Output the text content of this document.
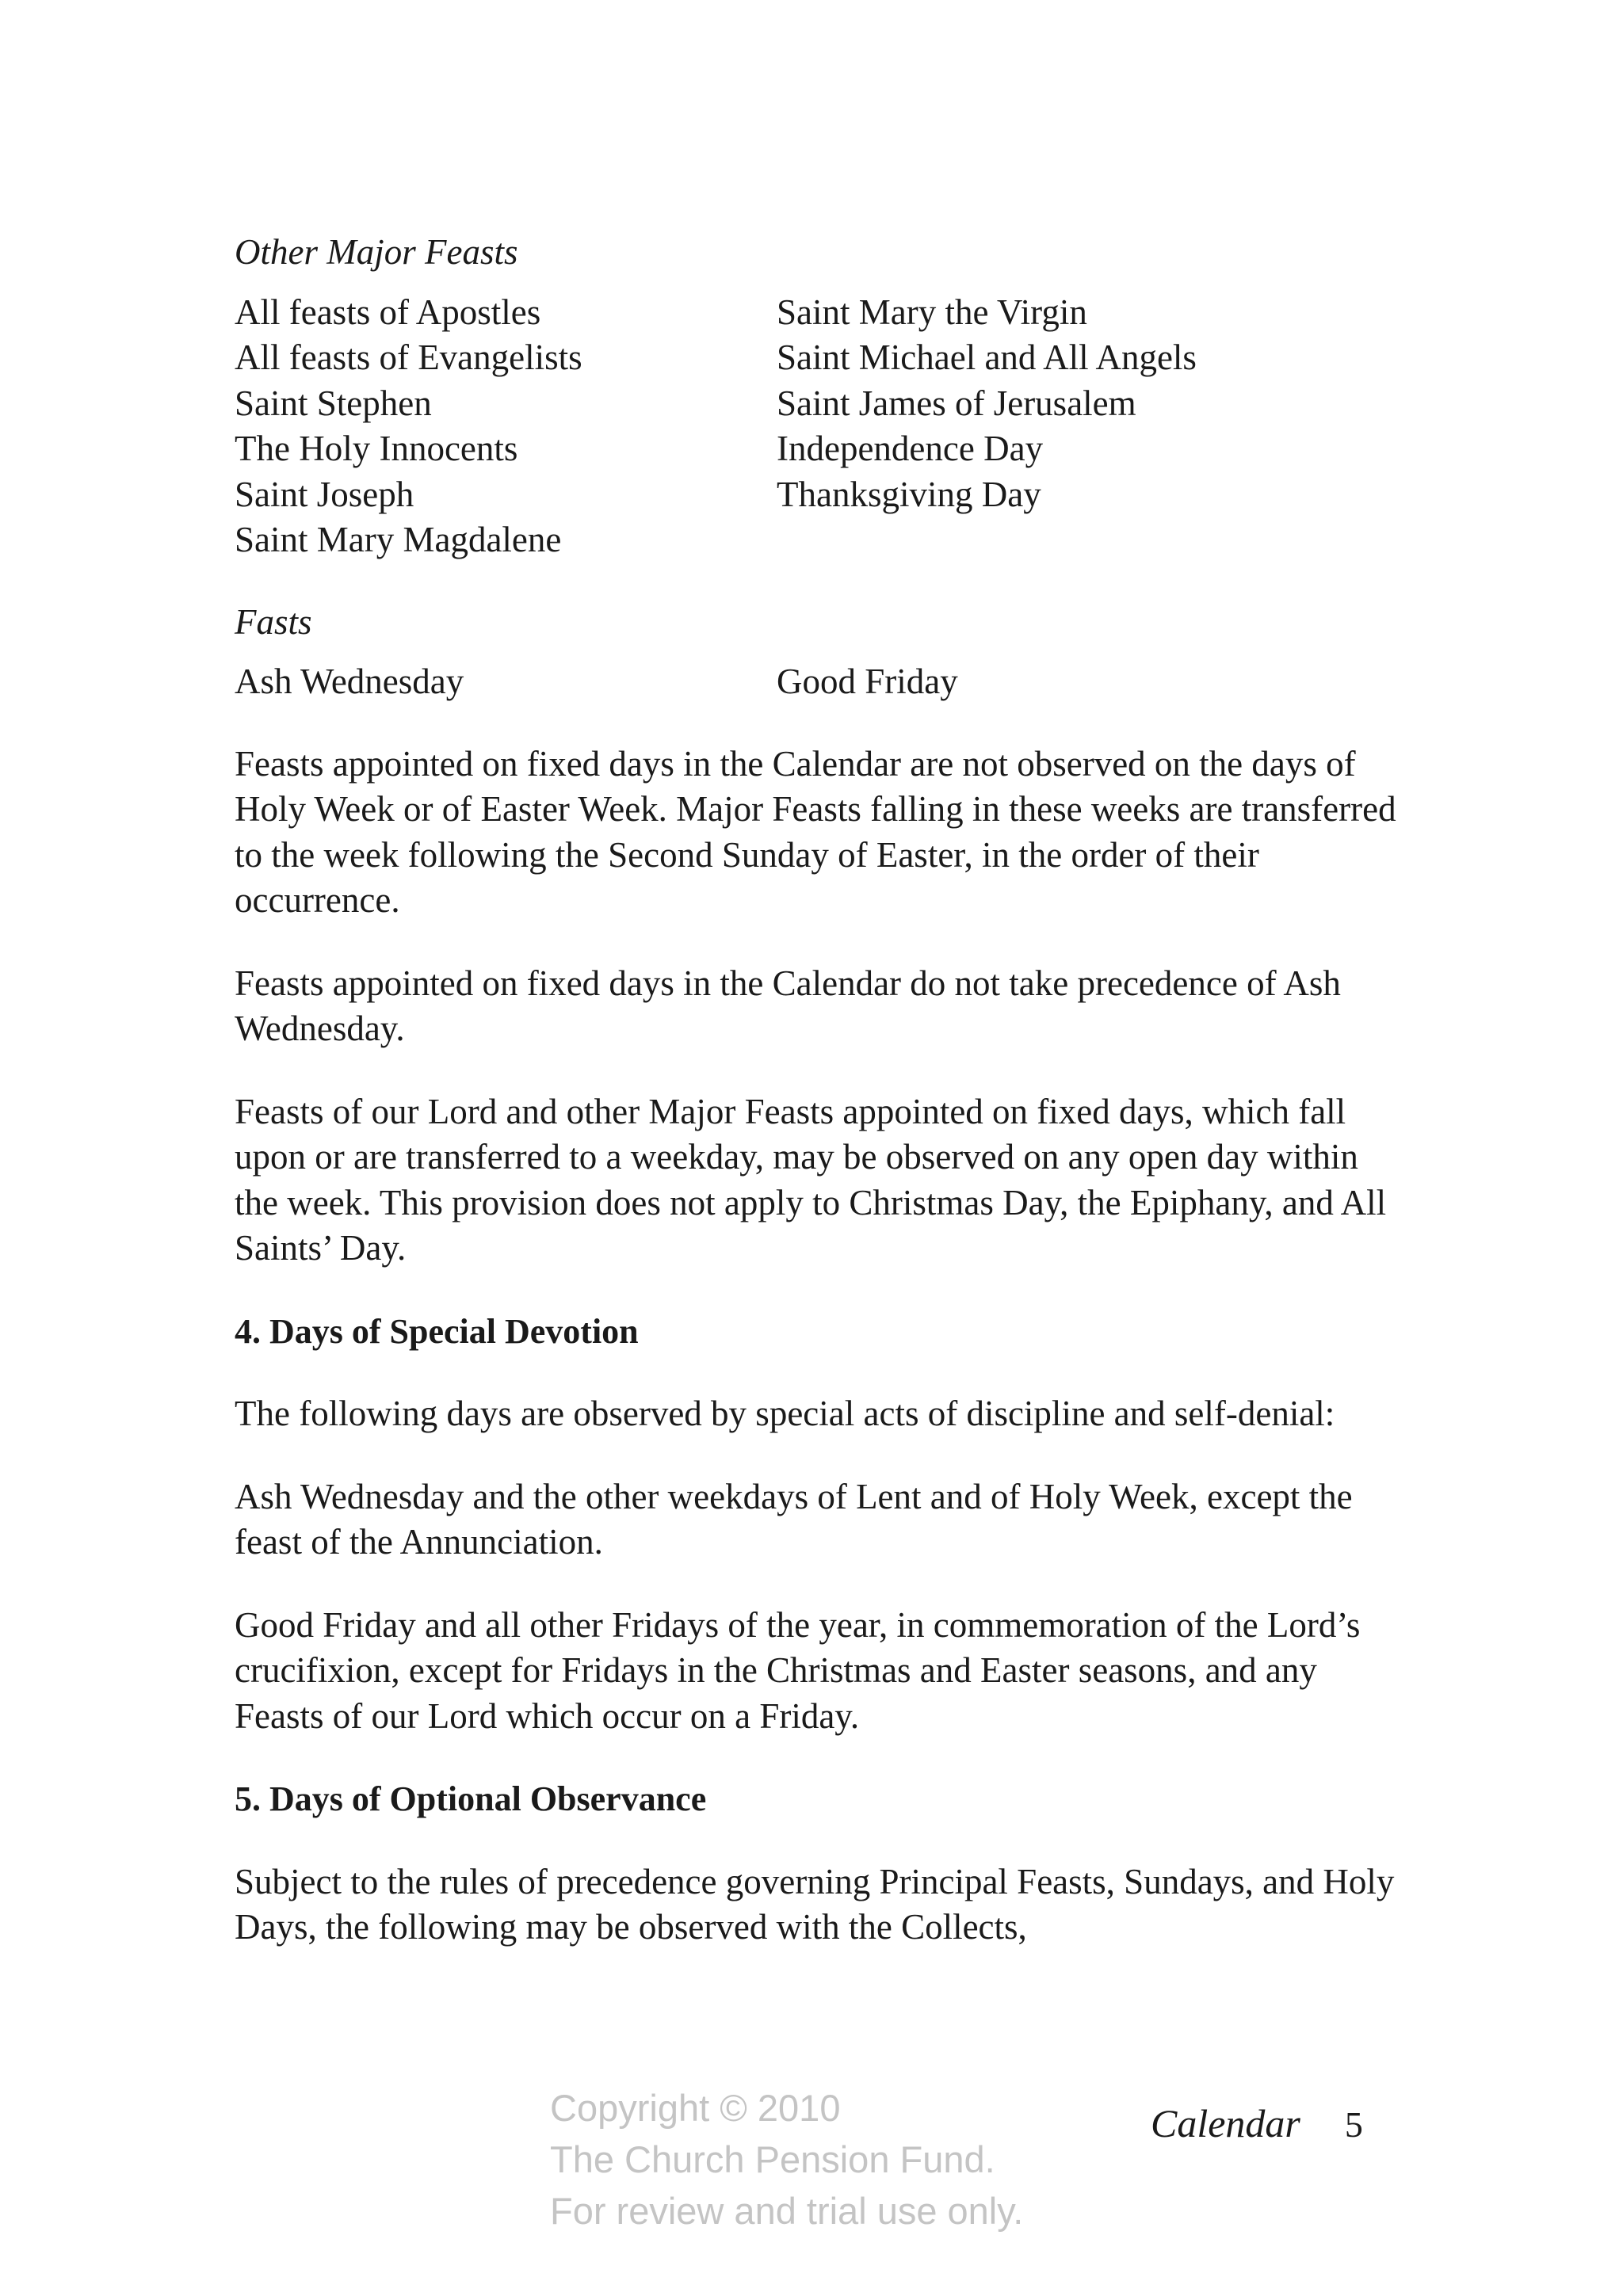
Other Major Feasts
All feasts of Apostles
All feasts of Evangelists
Saint Stephen
The Holy Innocents
Saint Joseph
Saint Mary Magdalene
Saint Mary the Virgin
Saint Michael and All Angels
Saint James of Jerusalem
Independence Day
Thanksgiving Day
Fasts
Ash Wednesday	Good Friday

Feasts appointed on fixed days in the Calendar are not observed on the days of Holy Week or of Easter Week. Major Feasts falling in these weeks are transferred to the week following the Second Sunday of Easter, in the order of their occurrence.

Feasts appointed on fixed days in the Calendar do not take precedence of Ash Wednesday.

Feasts of our Lord and other Major Feasts appointed on fixed days, which fall upon or are transferred to a weekday, may be observed on any open day within the week. This provision does not apply to Christmas Day, the Epiphany, and All Saints’ Day.

4. Days of Special Devotion

The following days are observed by special acts of discipline and self-denial:

Ash Wednesday and the other weekdays of Lent and of Holy Week, except the feast of the Annunciation.

Good Friday and all other Fridays of the year, in commemoration of the Lord’s crucifixion, except for Fridays in the Christmas and Easter seasons, and any Feasts of our Lord which occur on a Friday.

5. Days of Optional Observance

Subject to the rules of precedence governing Principal Feasts, Sundays, and Holy Days, the following may be observed with the Collects,

Copyright © 2010
The Church Pension Fund.
For review and trial use only.
Calendar 5
